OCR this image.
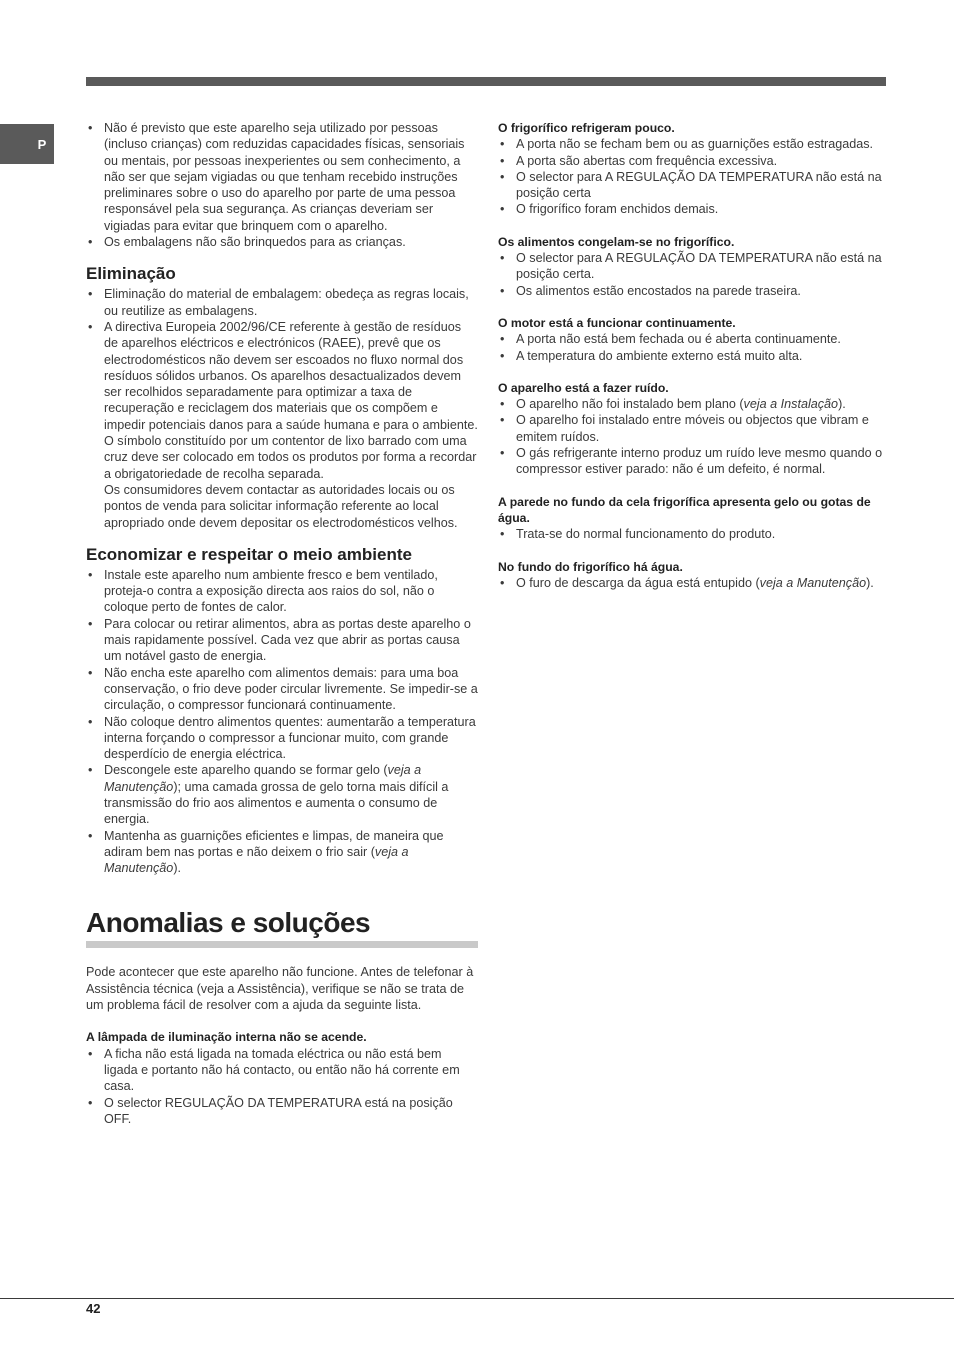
P
• Não é previsto que este aparelho seja utilizado por pessoas (incluso crianças) com reduzidas capacidades físicas, sensoriais ou mentais, por pessoas inexperientes ou sem conhecimento, a não ser que sejam vigiadas ou que tenham recebido instruções preliminares sobre o uso do aparelho por parte de uma pessoa responsável pela sua segurança. As crianças deveriam ser vigiadas para evitar que brinquem com o aparelho.
• Os embalagens não são brinquedos para as crianças.
Eliminação
• Eliminação do material de embalagem: obedeça as regras locais, ou reutilize as embalagens.
• A directiva Europeia 2002/96/CE referente à gestão de resíduos de aparelhos eléctricos e electrónicos (RAEE), prevê que os electrodomésticos não devem ser escoados no fluxo normal dos resíduos sólidos urbanos. Os aparelhos desactualizados devem ser recolhidos separadamente para optimizar a taxa de recuperação e reciclagem dos materiais que os compõem e impedir potenciais danos para a saúde humana e para o ambiente. O símbolo constituído por um contentor de lixo barrado com uma cruz deve ser colocado em todos os produtos por forma a recordar a obrigatoriedade de recolha separada.
Os consumidores devem contactar as autoridades locais ou os pontos de venda para solicitar informação referente ao local apropriado onde devem depositar os electrodomésticos velhos.
Economizar e respeitar o meio ambiente
• Instale este aparelho num ambiente fresco e bem ventilado, proteja-o contra a exposição directa aos raios do sol, não o coloque perto de fontes de calor.
• Para colocar ou retirar alimentos, abra as portas deste aparelho o mais rapidamente possível. Cada vez que abrir as portas causa um notável gasto de energia.
• Não encha este aparelho com alimentos demais: para uma boa conservação, o frio deve poder circular livremente. Se impedir-se a circulação, o compressor funcionará continuamente.
• Não coloque dentro alimentos quentes: aumentarão a temperatura interna forçando o compressor a funcionar muito, com grande desperdício de energia eléctrica.
• Descongele este aparelho quando se formar gelo (veja a Manutenção); uma camada grossa de gelo torna mais difícil a transmissão do frio aos alimentos e aumenta o consumo de energia.
• Mantenha as guarnições eficientes e limpas, de maneira que adiram bem nas portas e não deixem o frio sair (veja a Manutenção).
Anomalias e soluções

Pode acontecer que este aparelho não funcione. Antes de telefonar à Assistência técnica (veja a Assistência), verifique se não se trata de um problema fácil de resolver com a ajuda da seguinte lista.

A lâmpada de iluminação interna não se acende.
• A ficha não está ligada na tomada eléctrica ou não está bem ligada e portanto não há contacto, ou então não há corrente em casa.
• O selector REGULAÇÃO DA TEMPERATURA está na posição OFF.
O frigorífico refrigeram pouco.
• A porta não se fecham bem ou as guarnições estão estragadas.
• A porta são abertas com frequência excessiva.
• O selector para A REGULAÇÃO DA TEMPERATURA não está na posição certa
• O frigorífico foram enchidos demais.
Os alimentos congelam-se no frigorífico.
• O selector para A REGULAÇÃO DA TEMPERATURA não está na posição certa.
• Os alimentos estão encostados na parede traseira.
O motor está a funcionar continuamente.
• A porta não está bem fechada ou é aberta continuamente.
• A temperatura do ambiente externo está muito alta.
O aparelho está a fazer ruído.
• O aparelho não foi instalado bem plano (veja a Instalação).
• O aparelho foi instalado entre móveis ou objectos que vibram e emitem ruídos.
• O gás refrigerante interno produz um ruído leve mesmo quando o compressor estiver parado: não é um defeito, é normal.
A parede no fundo da cela frigorífica apresenta gelo ou gotas de água.
• Trata-se do normal funcionamento do produto.
No fundo do frigorífico há água.
• O furo de descarga da água está entupido (veja a Manutenção).
42
